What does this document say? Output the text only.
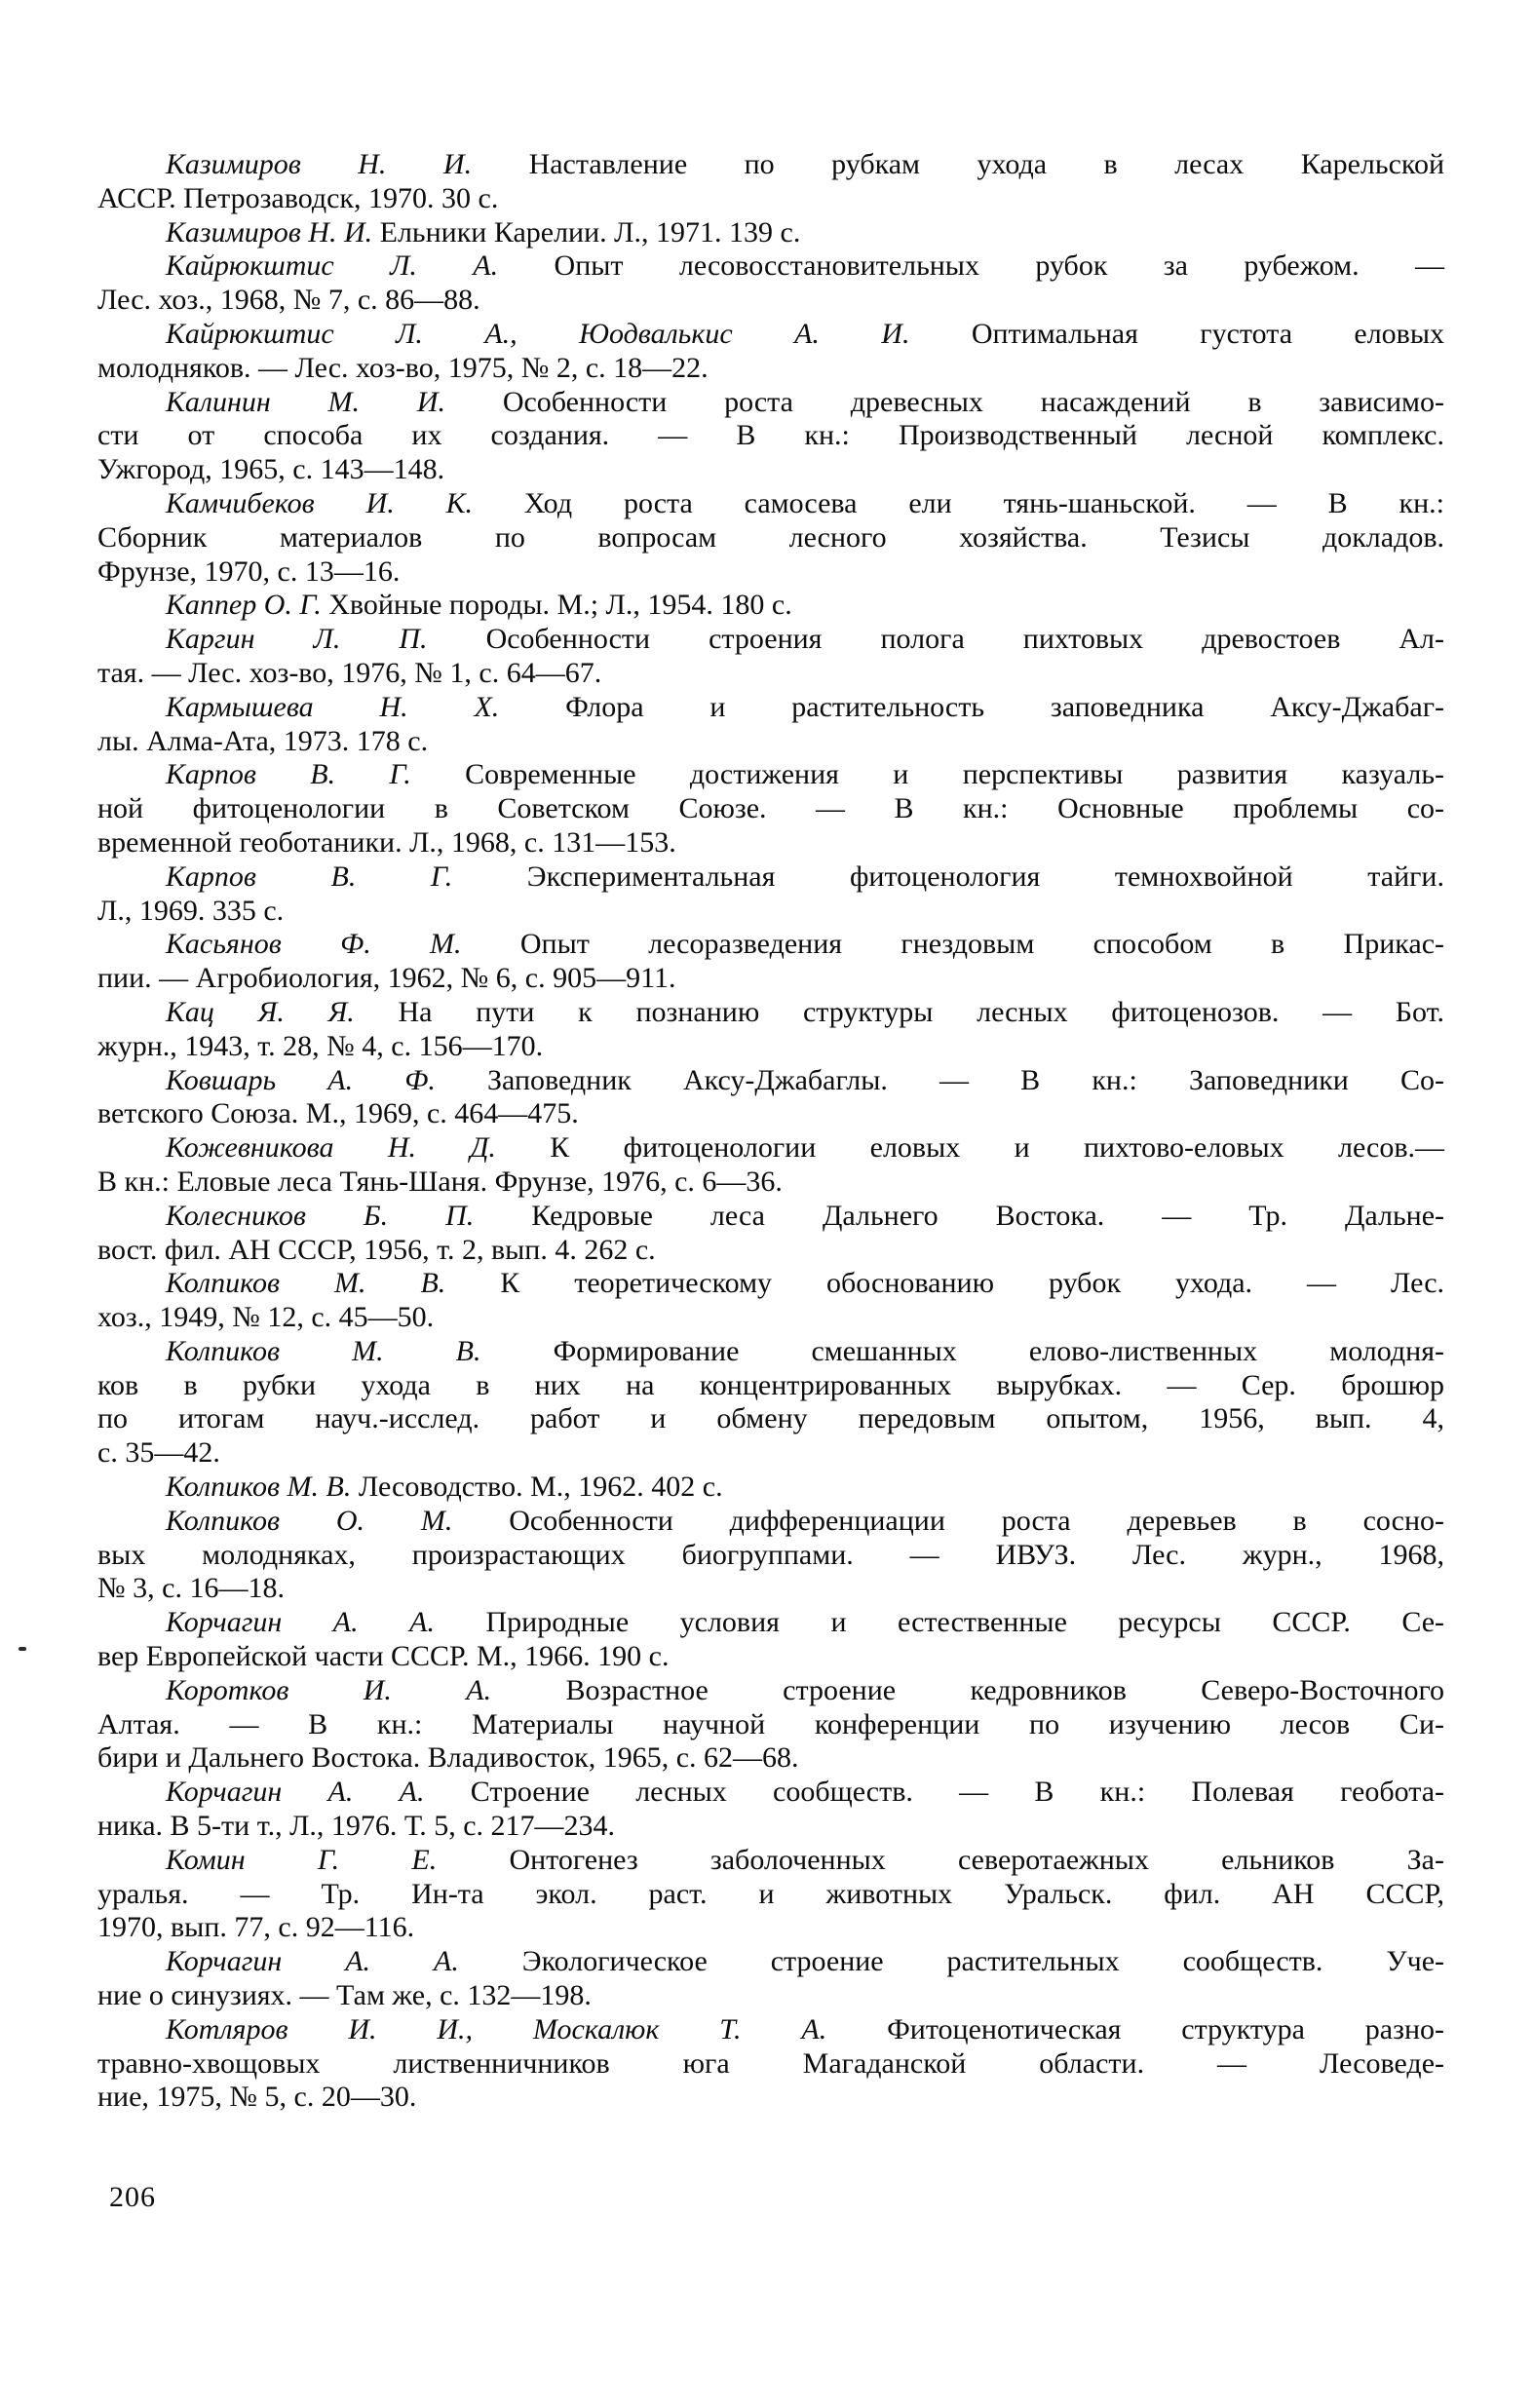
Казимиров Н. И. Наставление по рубкам ухода в лесах Карельской
АССР. Петрозаводск, 1970. 30 с.

Казимиров Н. И. Ельники Карелии. Л., 1971. 139 с.

Кайрюкштис Л. А. Опыт лесовосстановительных рубок за рубежом. —
Лес. хоз., 1968, № 7, с. 86—88.

Кайрюкштис Л. А., Юодвалькис А. И. Оптимальная густота еловых
молодняков. — Лес. хоз-во, 1975, № 2, с. 18—22.

Калинин М. И. Особенности роста древесных насаждений в зависимо-
сти от способа их создания. — В кн.: Производственный лесной комплекс.
Ужгород, 1965, с. 143—148.

Камчибеков И. К. Ход роста самосева ели тянь-шаньской. — В кн.:
Сборник материалов по вопросам лесного хозяйства. Тезисы докладов.
Фрунзе, 1970, с. 13—16.

Каппер О. Г. Хвойные породы. М.; Л., 1954. 180 с.

Каргин Л. П. Особенности строения полога пихтовых древостоев Ал-
тая. — Лес. хоз-во, 1976, № 1, с. 64—67.

Кармышева Н. Х. Флора и растительность заповедника Аксу-Джабаг-
лы. Алма-Ата, 1973. 178 с.

Карпов В. Г. Современные достижения и перспективы развития казуаль-
ной фитоценологии в Советском Союзе. — В кн.: Основные проблемы со-
временной геоботаники. Л., 1968, с. 131—153.

Карпов В. Г.	Экспериментальная фитоценология темнохвойной тайги.
Л., 1969. 335 с.

Касьянов Ф. М. Опыт лесоразведения гнездовым способом в Прикас-
пии. — Агробиология, 1962, № 6, с. 905—911.

Кац Я. Я. На пути к познанию структуры лесных фитоценозов. — Бот.
журн., 1943, т. 28, № 4, с. 156—170.

Ковшарь А. Ф. Заповедник Аксу-Джабаглы. — В кн.: Заповедники Со-
ветского Союза. М., 1969, с. 464—475.

Кожевникова Н. Д. К фитоценологии еловых и пихтово-еловых лесов.—
В кн.: Еловые леса Тянь-Шаня. Фрунзе, 1976, с. 6—36.

Колесников Б. П. Кедровые леса Дальнего Востока. — Тр. Дальне-
вост. фил. АН СССР, 1956, т. 2, вып. 4. 262 с.

Колпиков М. В. К теоретическому обоснованию рубок ухода. — Лес.
хоз., 1949, № 12, с. 45—50.

Колпиков М. В. Формирование смешанных елово-лиственных молодня-
ков в рубки ухода в них на концентрированных вырубках. — Сер. брошюр
по итогам науч.-исслед. работ и обмену передовым опытом, 1956, вып. 4,
с. 35—42.

Колпиков М. В. Лесоводство. М., 1962. 402 с.

Колпиков О. М. Особенности дифференциации роста деревьев в сосно-
вых молодняках, произрастающих биогруппами. — ИВУЗ. Лес. журн., 1968,
№ 3, с. 16—18.

Корчагин А. А. Природные условия и естественные ресурсы СССР. Се-
вер Европейской части СССР. М., 1966. 190 с.

Коротков И. А.	Возрастное строение кедровников Северо-Восточного
Алтая. — В кн.: Материалы научной конференции по изучению лесов Си-
бири и Дальнего Востока. Владивосток, 1965, с. 62—68.

Корчагин А. А. Строение лесных сообществ. — В кн.: Полевая геобота-
ника. В 5-ти т., Л., 1976. Т. 5, с. 217—234.

Комин Г. Е. Онтогенез заболоченных северотаежных ельников За-
уралья. — Тр. Ин-та экол. раст. и животных Уральск. фил. АН СССР,
1970, вып. 77, с. 92—116.

Корчагин А. А. Экологическое строение растительных сообществ. Уче-
ние о синузиях. — Там же, с. 132—198.

Котляров И. И., Москалюк Т. А. Фитоценотическая структура разно-
травно-хвощовых лиственничников юга Магаданской области. — Лесоведе-
ние, 1975, № 5, с. 20—30.

206
